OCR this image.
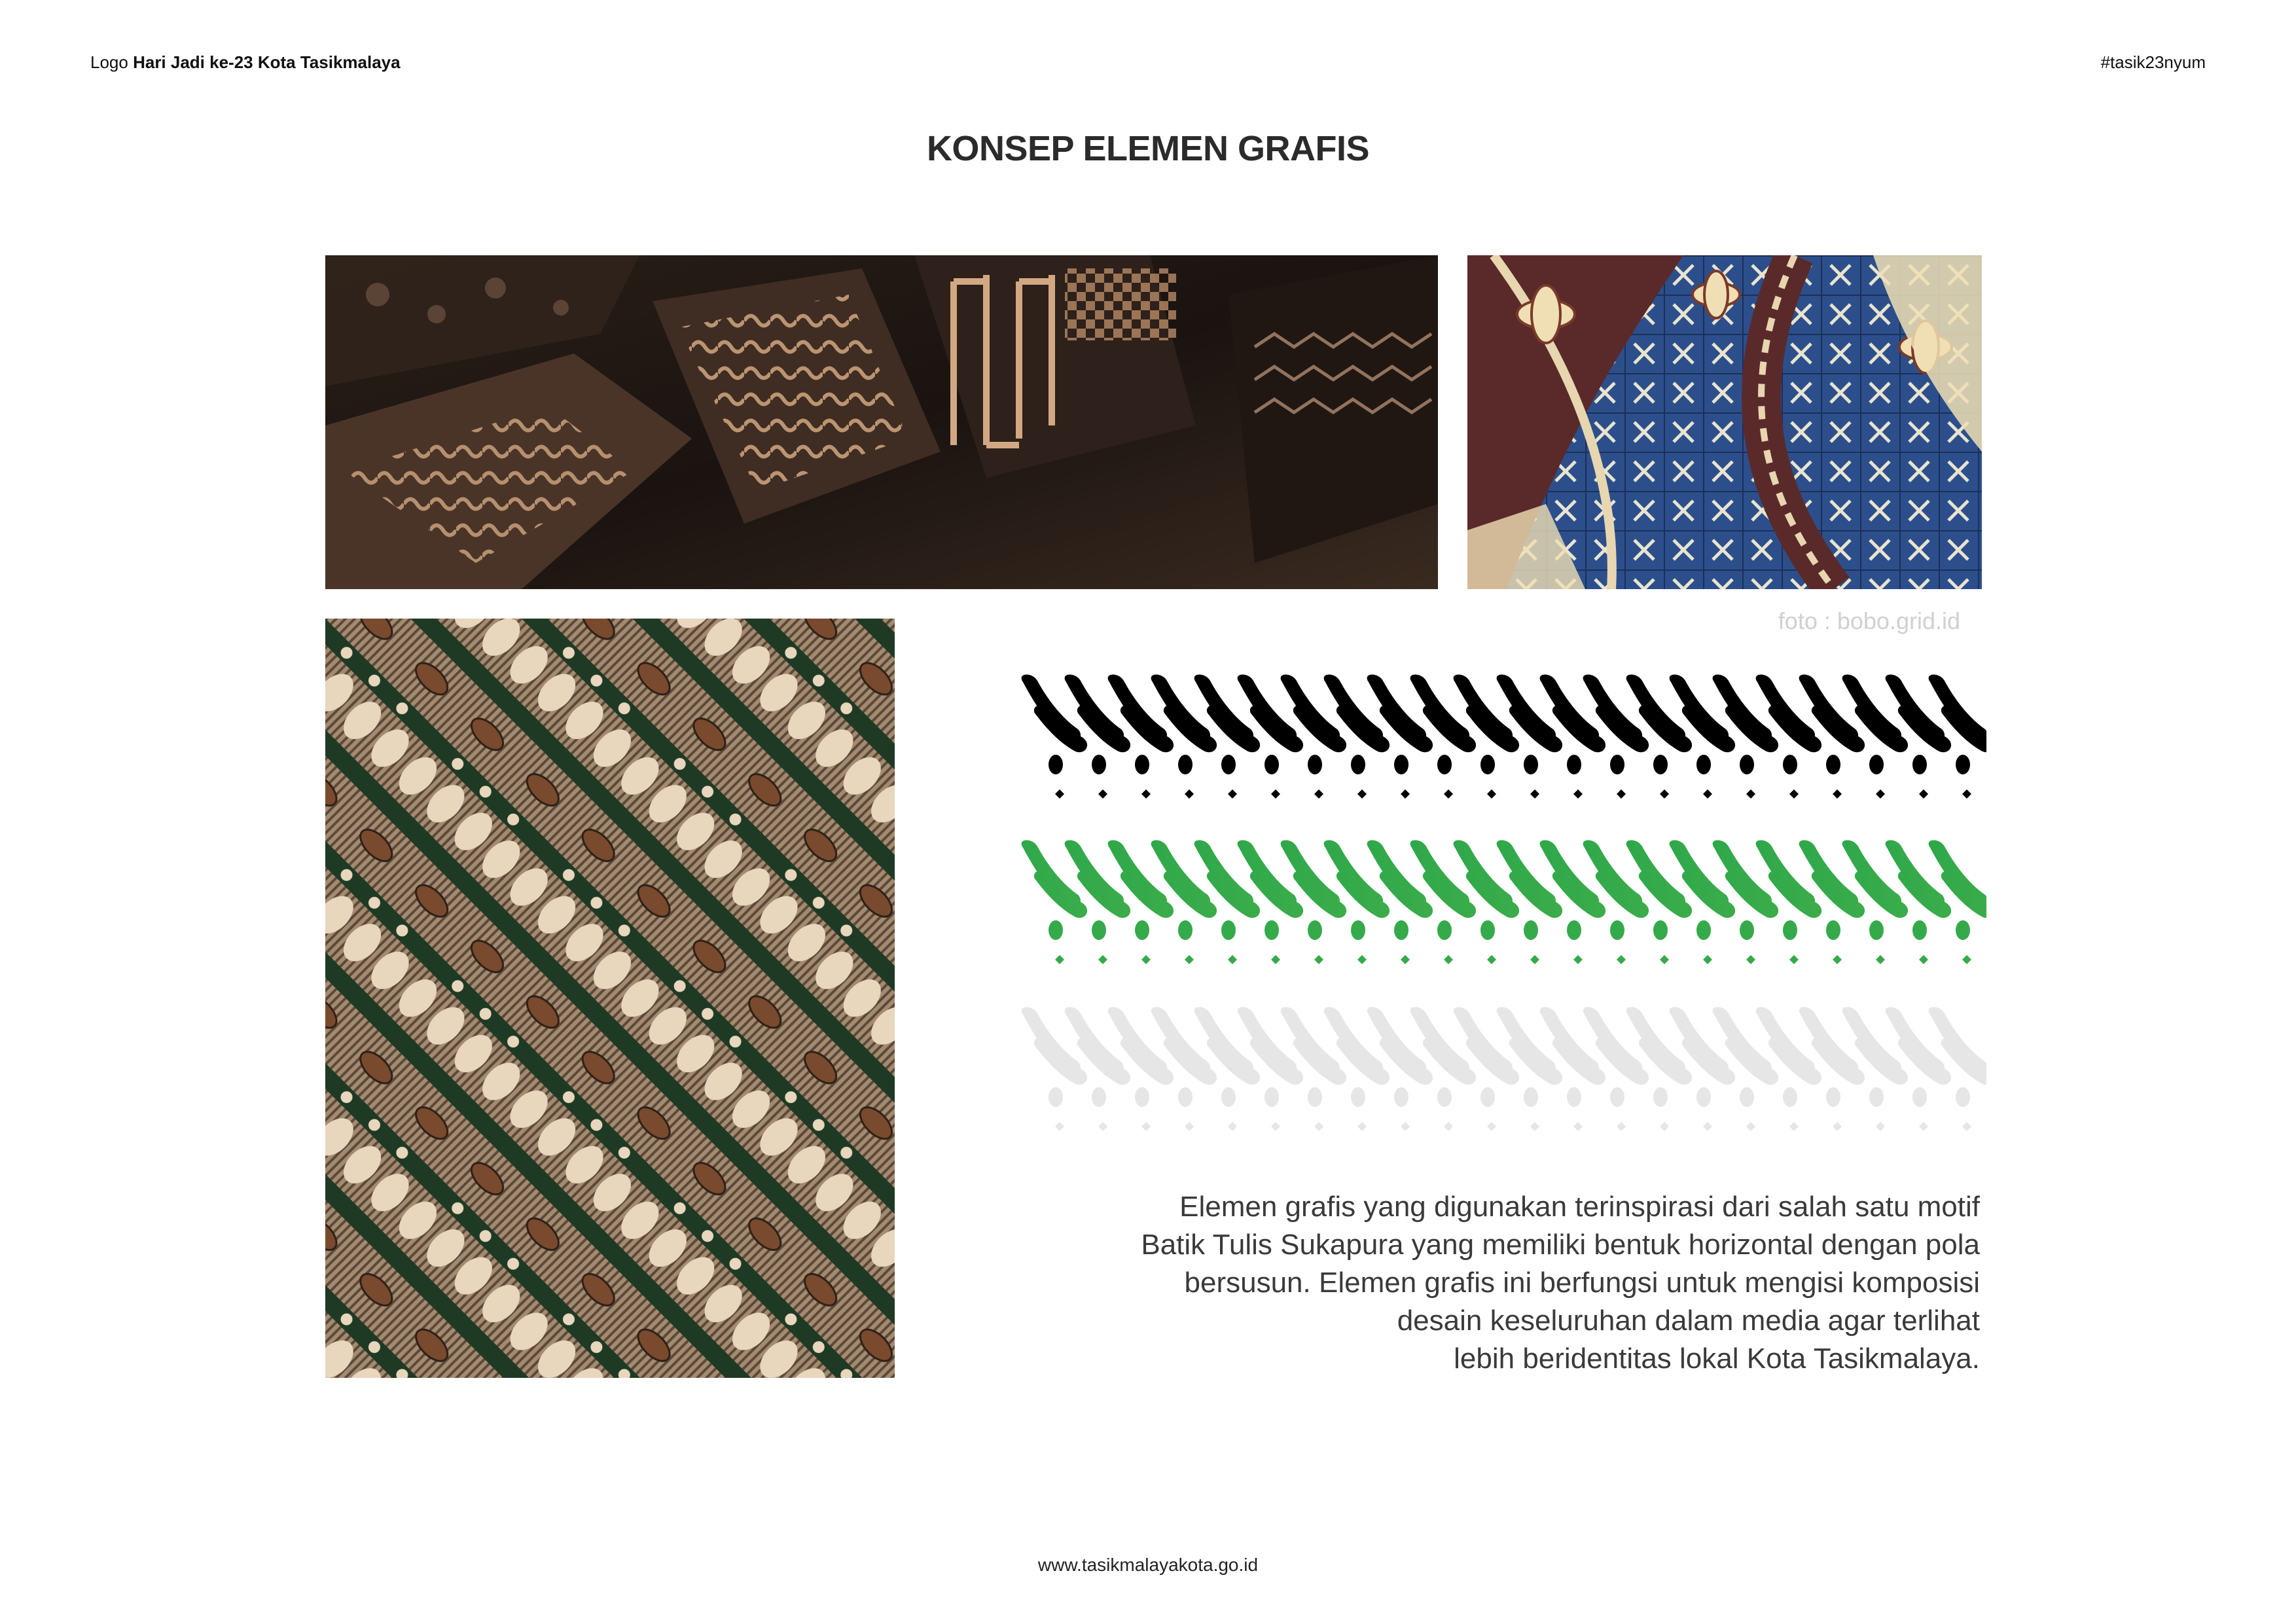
Logo Hari Jadi ke-23 Kota Tasikmalaya	#tasik23nyum
KONSEP ELEMEN GRAFIS
foto : bobo.grid.id
Elemen grafis yang digunakan terinspirasi dari salah satu motif
Batik Tulis Sukapura yang memiliki bentuk horizontal dengan pola
bersusun. Elemen grafis ini berfungsi untuk mengisi komposisi
desain keseluruhan dalam media agar terlihat
lebih beridentitas lokal Kota Tasikmalaya.
www.tasikmalayakota.go.id
